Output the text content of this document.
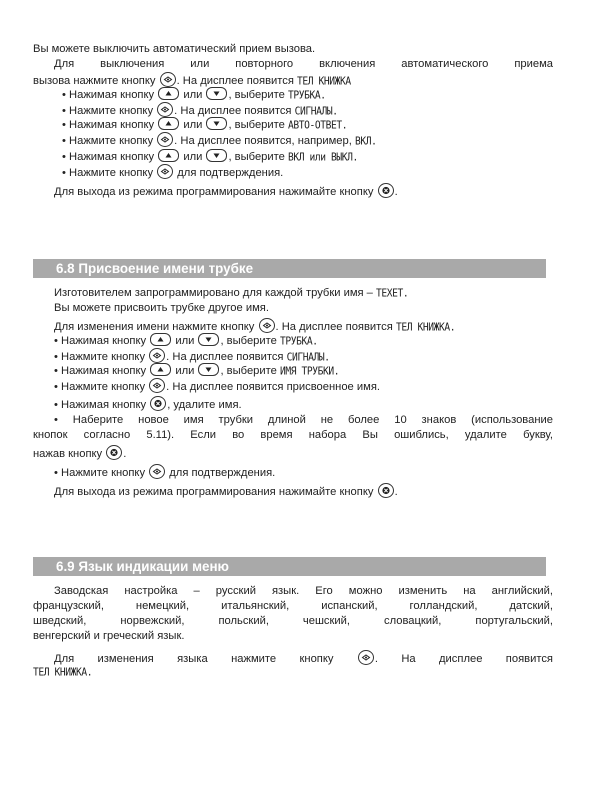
Вы можете выключить автоматический прием вызова.
Для выключения или повторного включения автоматического приема
вызова нажмите кнопку . На дисплее появится ТЕЛ КНИЖКА
• Нажимая кнопку	или , выберите ТРУБКА.
• Нажмите кнопку . На дисплее появится СИГНАЛЫ.
• Нажимая кнопку	или , выберите АВТО-ОТВЕТ.
• Нажмите кнопку . На дисплее появится, например, ВКЛ.
• Нажимая кнопку	или , выберите ВКЛ или ВЫКЛ.
• Нажмите кнопку для подтверждения.
Для выхода из режима программирования нажимайте кнопку .
6.8 Присвоение имени трубке
Изготовителем запрограммировано для каждой трубки имя – TEXET.
Вы можете присвоить трубке другое имя.
Для изменения имени нажмите кнопку . На дисплее появится ТЕЛ КНИЖКА.
• Нажимая кнопку	или , выберите ТРУБКА.
• Нажмите кнопку . На дисплее появится СИГНАЛЫ.
• Нажимая кнопку	или , выберите ИМЯ ТРУБКИ.
• Нажмите кнопку . На дисплее появится присвоенное имя.
• Нажимая кнопку , удалите имя.
• Наберите новое имя трубки длиной не более 10 знаков (использование
кнопок согласно 5.11). Если во время набора Вы ошиблись, удалите букву,
нажав кнопку .
• Нажмите кнопку для подтверждения.
Для выхода из режима программирования нажимайте кнопку .
6.9 Язык индикации меню
Заводская настройка – русский язык. Его можно изменить на английский,
французский, немецкий, итальянский, испанский, голландский, датский,
шведский, норвежский, польский, чешский, словацкий, португальский,
венгерский и греческий язык.
Для изменения языка нажмите кнопку	. На дисплее появится
ТЕЛ КНИЖКА.
